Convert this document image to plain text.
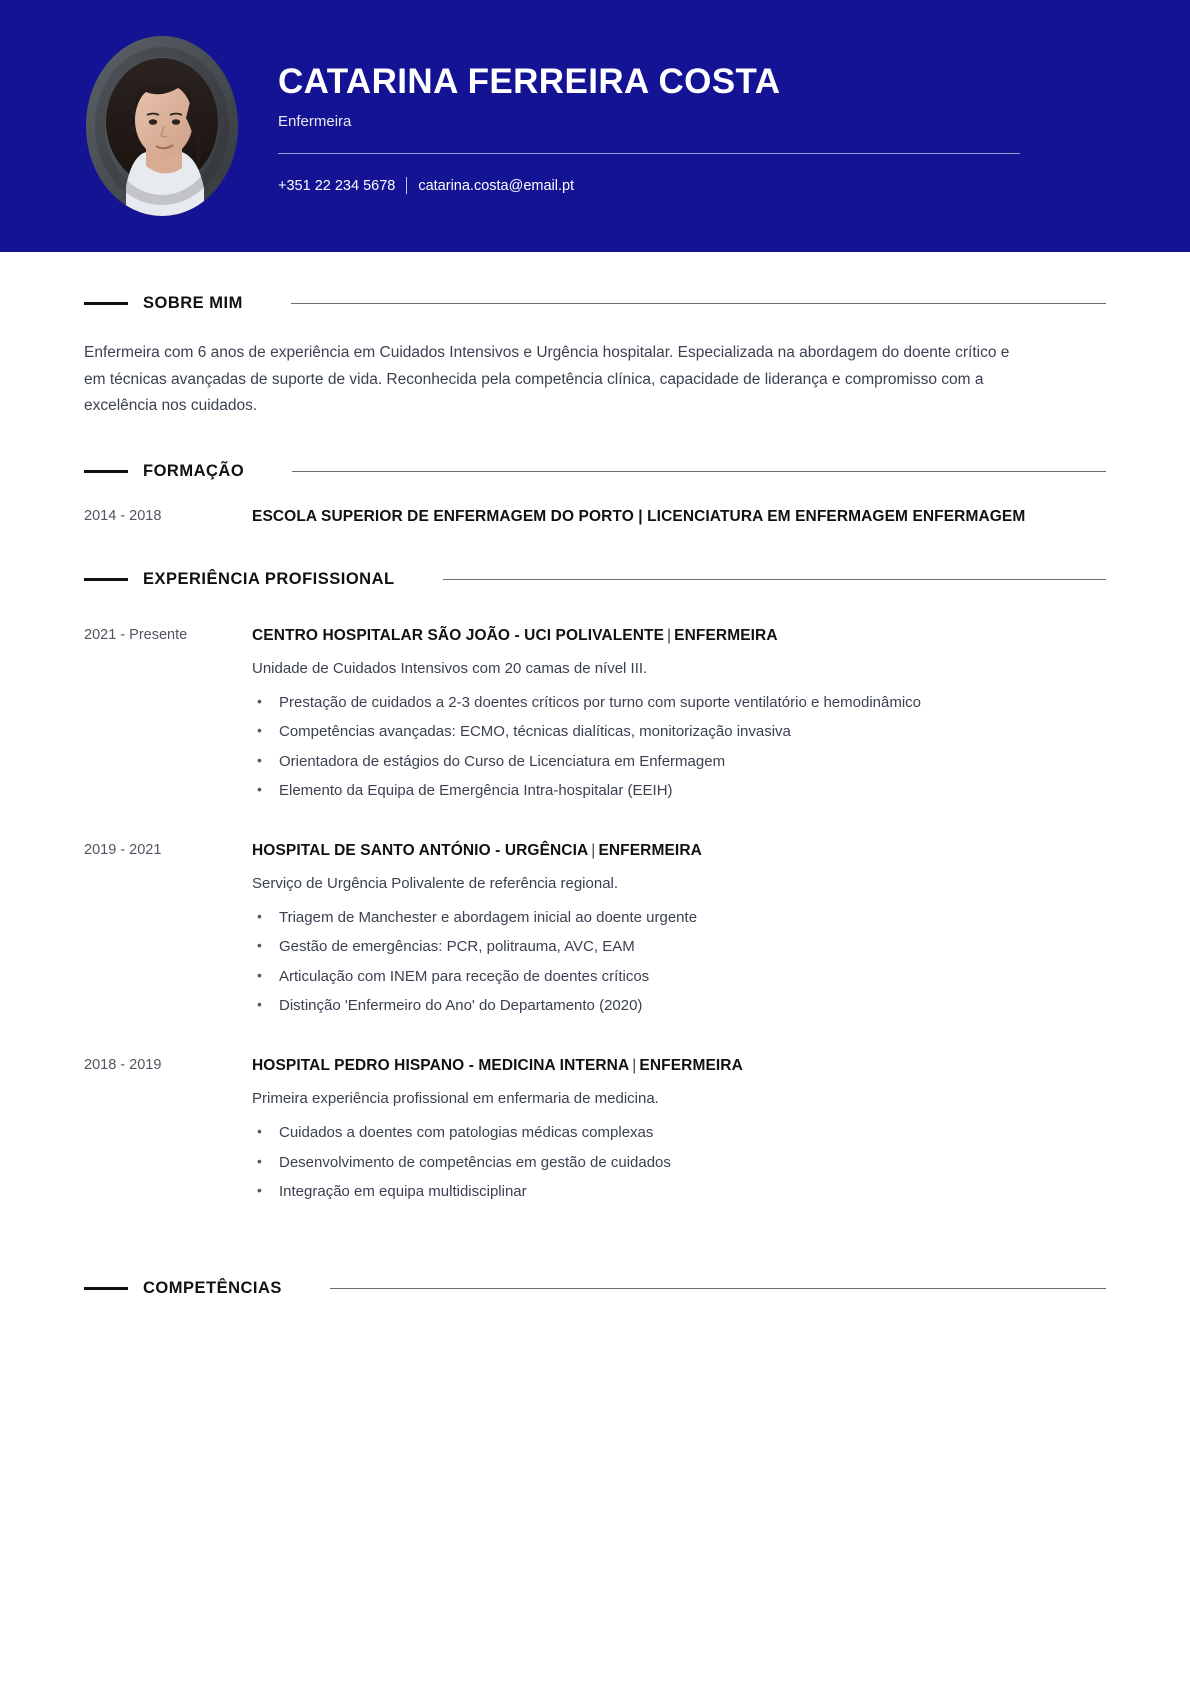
CATARINA FERREIRA COSTA
Enfermeira
+351 22 234 5678 catarina.costa@email.pt
SOBRE MIM

Enfermeira com 6 anos de experiência em Cuidados Intensivos e Urgência hospitalar. Especializada na abordagem do doente crítico e em técnicas avançadas de suporte de vida. Reconhecida pela competência clínica, capacidade de liderança e compromisso com a excelência nos cuidados.

FORMAÇÃO
2014 - 2018	ESCOLA SUPERIOR DE ENFERMAGEM DO PORTO | LICENCIATURA EM ENFERMAGEM ENFERMAGEM
EXPERIÊNCIA PROFISSIONAL
2021 - Presente	CENTRO HOSPITALAR SÃO JOÃO - UCI POLIVALENTE | ENFERMEIRA
Unidade de Cuidados Intensivos com 20 camas de nível III.
• Prestação de cuidados a 2-3 doentes críticos por turno com suporte ventilatório e hemodinâmico
• Competências avançadas: ECMO, técnicas dialíticas, monitorização invasiva
• Orientadora de estágios do Curso de Licenciatura em Enfermagem
• Elemento da Equipa de Emergência Intra-hospitalar (EEIH)
2019 - 2021	HOSPITAL DE SANTO ANTÓNIO - URGÊNCIA | ENFERMEIRA
Serviço de Urgência Polivalente de referência regional.
• Triagem de Manchester e abordagem inicial ao doente urgente
• Gestão de emergências: PCR, politrauma, AVC, EAM
• Articulação com INEM para receção de doentes críticos
• Distinção 'Enfermeiro do Ano' do Departamento (2020)
2018 - 2019	HOSPITAL PEDRO HISPANO - MEDICINA INTERNA | ENFERMEIRA
Primeira experiência profissional em enfermaria de medicina.
• Cuidados a doentes com patologias médicas complexas
• Desenvolvimento de competências em gestão de cuidados
• Integração em equipa multidisciplinar
COMPETÊNCIAS
